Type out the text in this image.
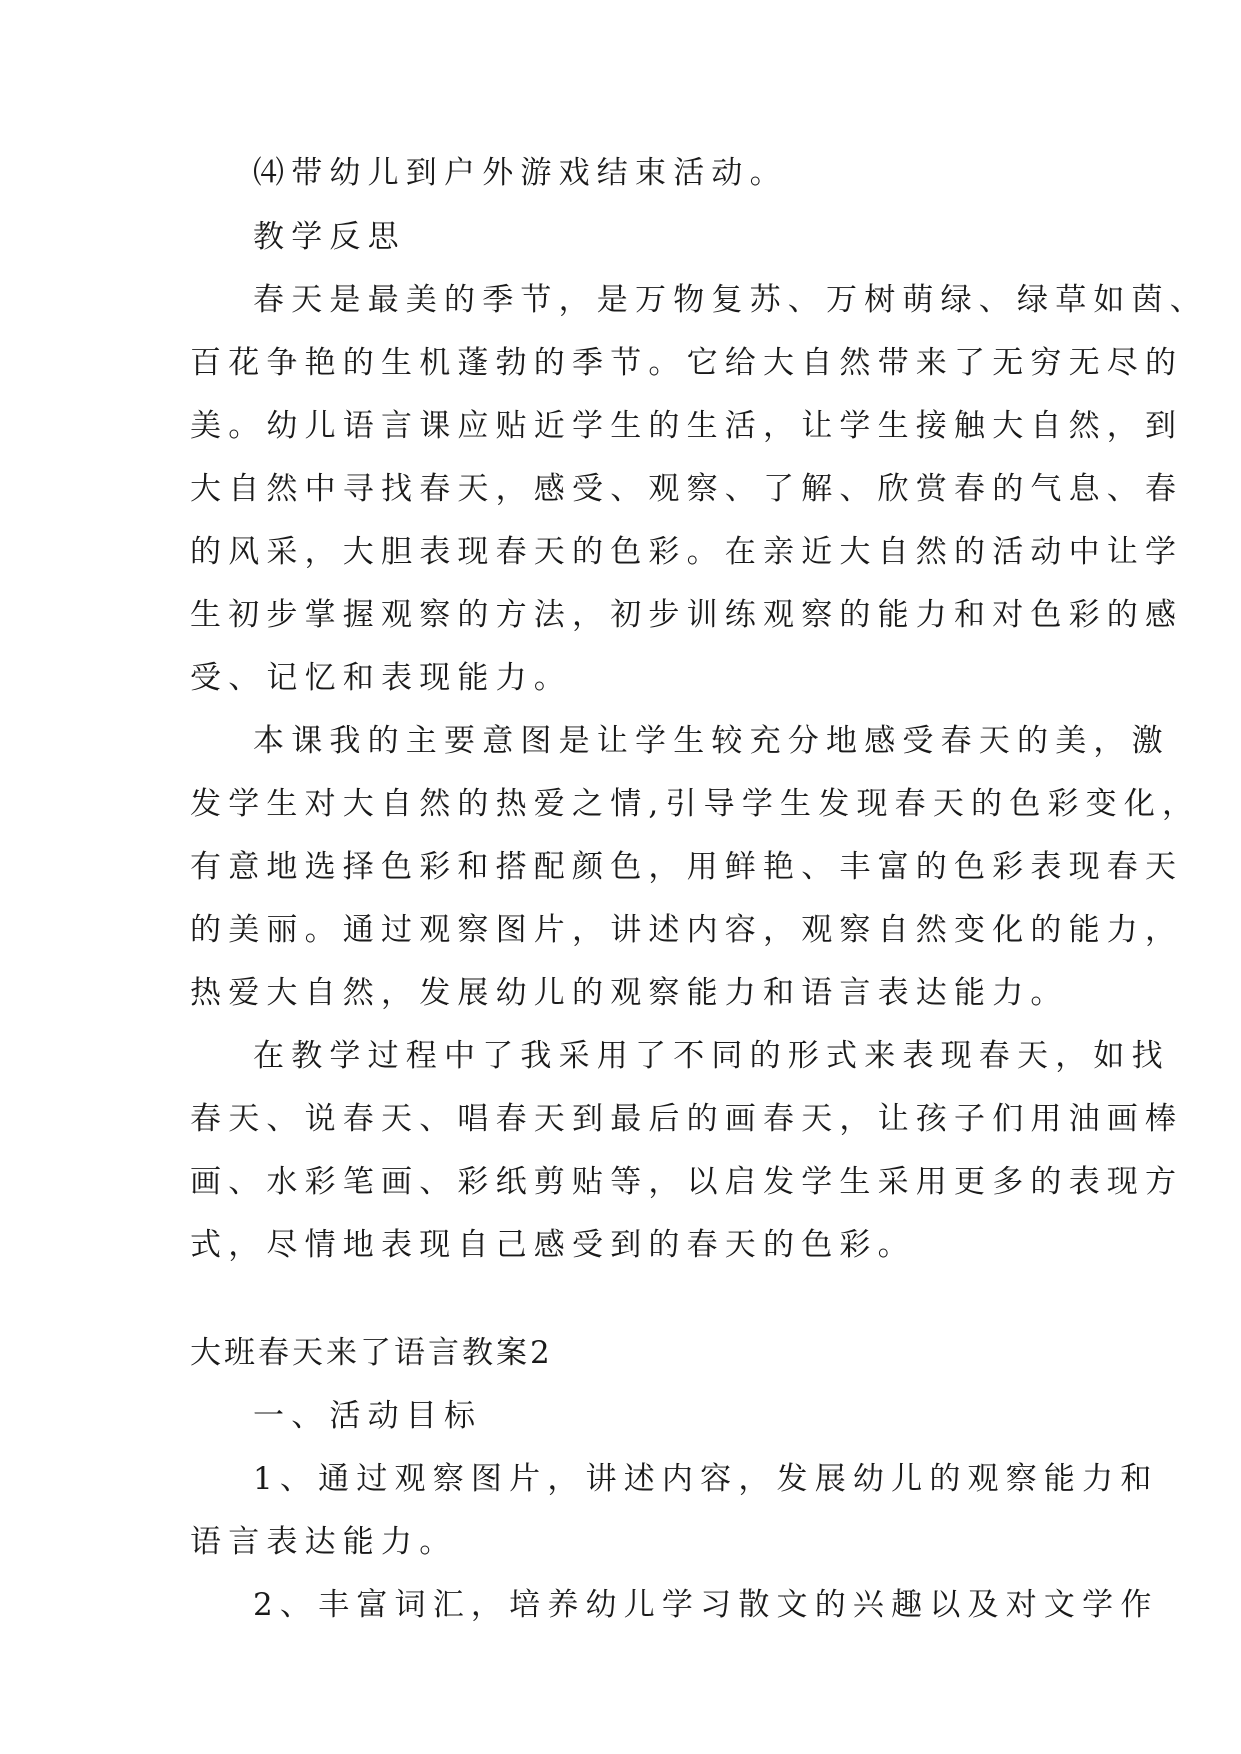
⑷带幼儿到户外游戏结束活动。
教学反思
春天是最美的季节，是万物复苏、万树萌绿、绿草如茵、
百花争艳的生机蓬勃的季节。它给大自然带来了无穷无尽的
美。幼儿语言课应贴近学生的生活，让学生接触大自然，到
大自然中寻找春天，感受、观察、了解、欣赏春的气息、春
的风采，大胆表现春天的色彩。在亲近大自然的活动中让学
生初步掌握观察的方法，初步训练观察的能力和对色彩的感
受、记忆和表现能力。
本课我的主要意图是让学生较充分地感受春天的美，激
发学生对大自然的热爱之情,引导学生发现春天的色彩变化，
有意地选择色彩和搭配颜色，用鲜艳、丰富的色彩表现春天
的美丽。通过观察图片，讲述内容，观察自然变化的能力，
热爱大自然，发展幼儿的观察能力和语言表达能力。
在教学过程中了我采用了不同的形式来表现春天，如找
春天、说春天、唱春天到最后的画春天，让孩子们用油画棒
画、水彩笔画、彩纸剪贴等，以启发学生采用更多的表现方
式，尽情地表现自己感受到的春天的色彩。
大班春天来了语言教案2
一、活动目标
1、通过观察图片，讲述内容，发展幼儿的观察能力和
语言表达能力。
2、丰富词汇，培养幼儿学习散文的兴趣以及对文学作
